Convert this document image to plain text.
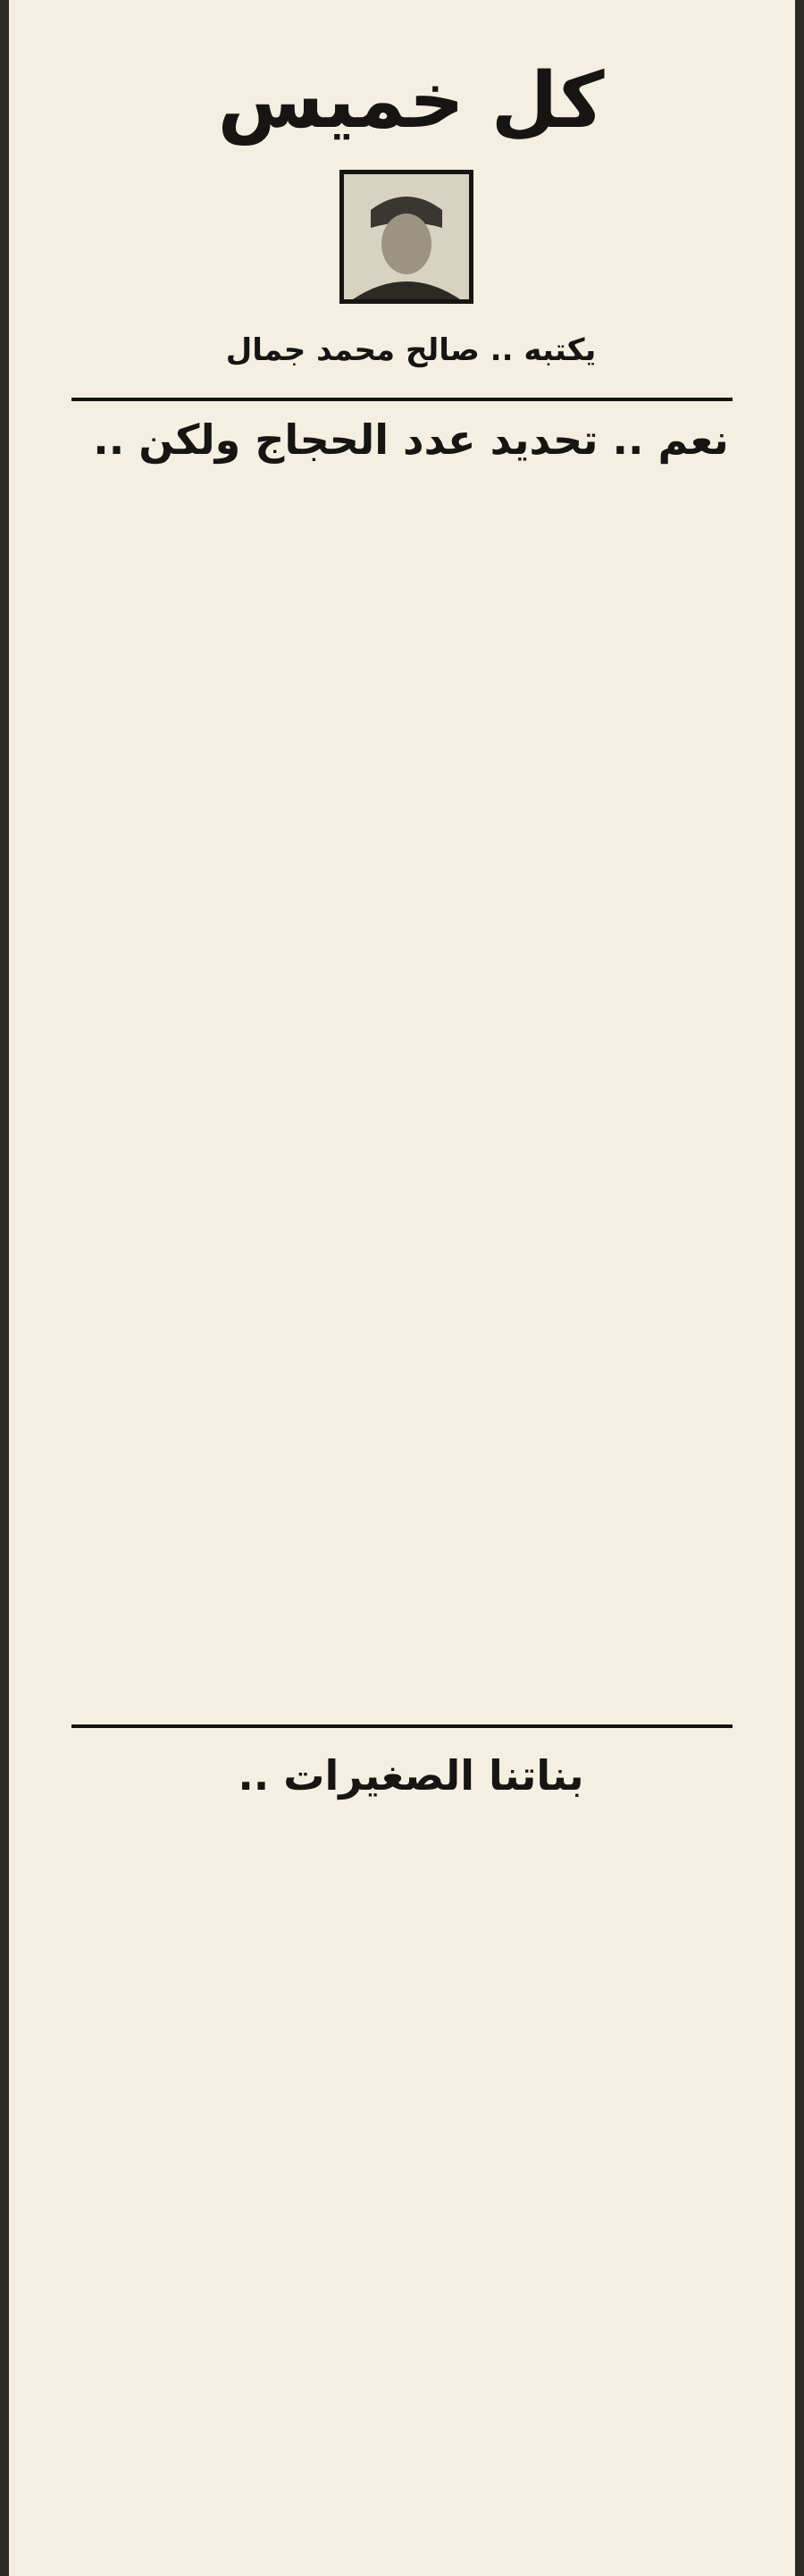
كل خميس
يكتبه .. صالح محمد جمال
نعم .. تحديد عدد الحجاج ولكن ..
بناتنا الصغيرات ..
